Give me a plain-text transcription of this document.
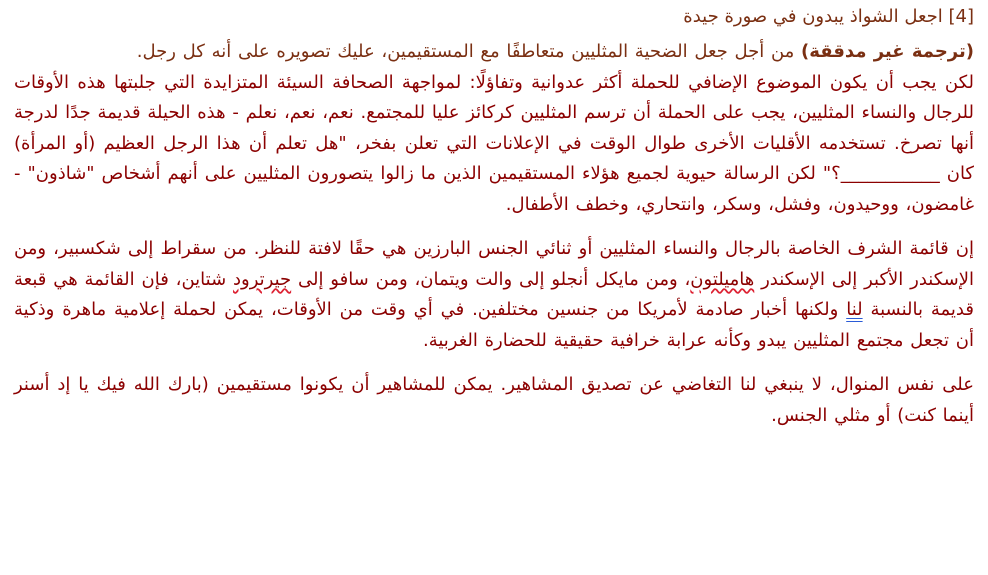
[4] اجعل الشواذ يبدون في صورة جيدة

(ترجمة غير مدققة) من أجل جعل الضحية المثليين متعاطفًا مع المستقيمين، عليك تصويره على أنه كل رجل.
لكن يجب أن يكون الموضوع الإضافي للحملة أكثر عدوانية وتفاؤلًا: لمواجهة الصحافة السيئة المتزايدة التي جلبتها هذه الأوقات للرجال والنساء المثليين، يجب على الحملة أن ترسم المثليين كركائز عليا للمجتمع. نعم، نعم، نعلم - هذه الحيلة قديمة جدًا لدرجة أنها تصرخ. تستخدمه الأقليات الأخرى طوال الوقت في الإعلانات التي تعلن بفخر، "هل تعلم أن هذا الرجل العظيم (أو المرأة) كان ___________؟" لكن الرسالة حيوية لجميع هؤلاء المستقيمين الذين ما زالوا يتصورون المثليين على أنهم أشخاص "شاذون" - غامضون، ووحيدون، وفشل، وسكر، وانتحاري، وخطف الأطفال.

إن قائمة الشرف الخاصة بالرجال والنساء المثليين أو ثنائي الجنس البارزين هي حقًا لافتة للنظر. من سقراط إلى شكسبير، ومن الإسكندر الأكبر إلى الإسكندر هاميلتون، ومن مايكل أنجلو إلى والت ويتمان، ومن سافو إلى جيرترود شتاين، فإن القائمة هي قبعة قديمة بالنسبة لنا ولكنها أخبار صادمة لأمريكا من جنسين مختلفين. في أي وقت من الأوقات، يمكن لحملة إعلامية ماهرة وذكية أن تجعل مجتمع المثليين يبدو وكأنه عرابة خرافية حقيقية للحضارة الغربية.

على نفس المنوال، لا ينبغي لنا التغاضي عن تصديق المشاهير. يمكن للمشاهير أن يكونوا مستقيمين (بارك الله فيك يا إد أسنر أينما كنت) أو مثلي الجنس.
